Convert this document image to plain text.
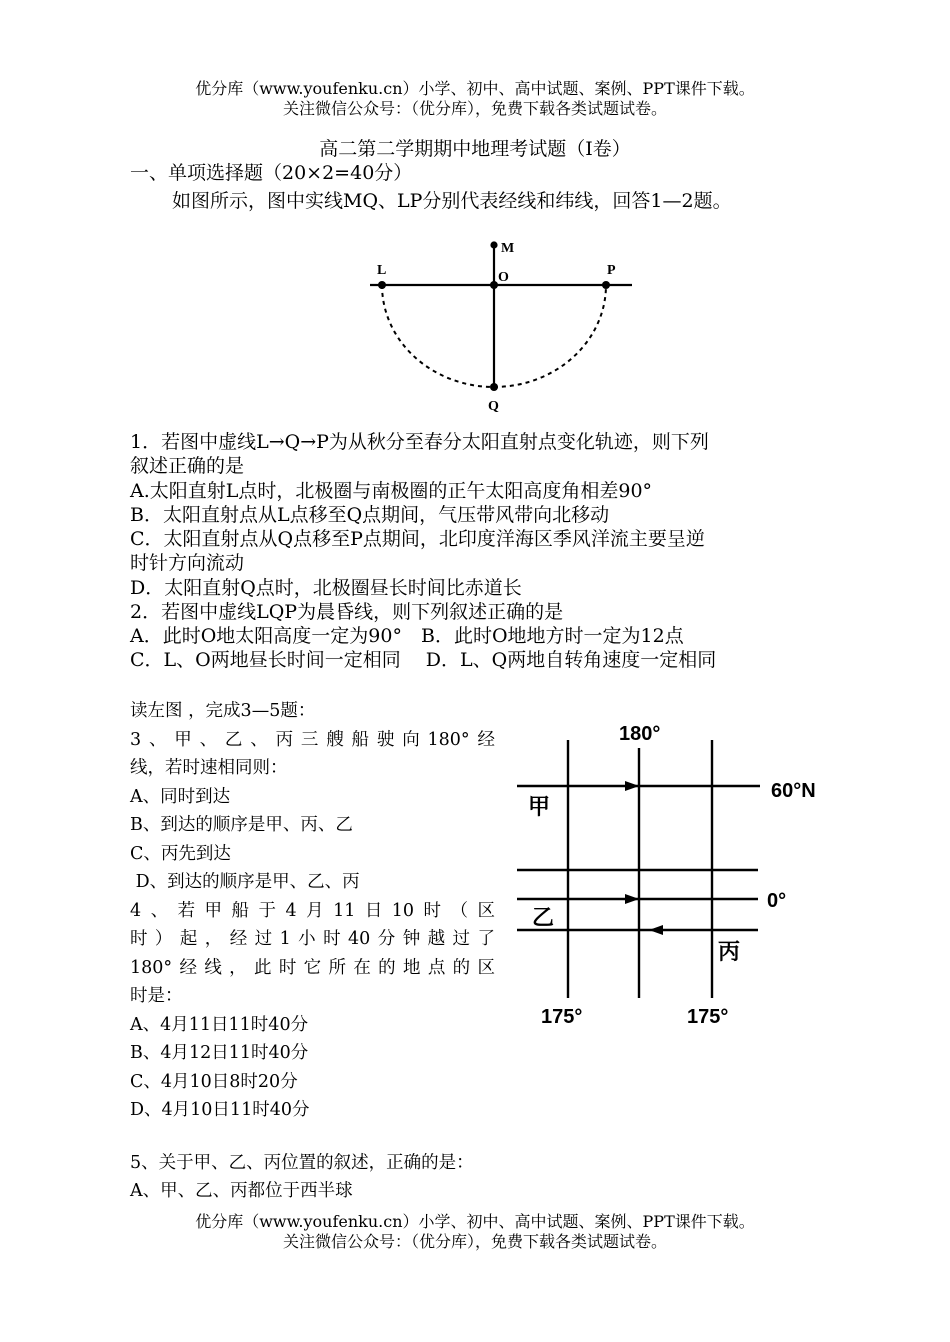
优分库（www.youfenku.cn）小学、初中、高中试题、案例、PPT课件下载。
关注微信公众号：（优分库），免费下载各类试题试卷。
高二第二学期期中地理考试题（Ⅰ卷）
一、单项选择题（20×2=40分）
如图所示，图中实线MQ、LP分别代表经线和纬线，回答1—2题。
M
L	O	P
Q
1．若图中虚线L→Q→P为从秋分至春分太阳直射点变化轨迹，则下列
叙述正确的是
A.太阳直射L点时，北极圈与南极圈的正午太阳高度角相差90°
B．太阳直射点从L点移至Q点期间，气压带风带向北移动
C．太阳直射点从Q点移至P点期间，北印度洋海区季风洋流主要呈逆
时针方向流动
D．太阳直射Q点时，北极圈昼长时间比赤道长
2．若图中虚线LQP为晨昏线，则下列叙述正确的是
A．此时O地太阳高度一定为90°　B．此时O地地方时一定为12点
C．L、O两地昼长时间一定相同　 D．L、Q两地自转角速度一定相同
读左图 ，完成3—5题：
3、甲、乙、丙三艘船驶向180°经
线，若时速相同则：
A、同时到达
B、到达的顺序是甲、丙、乙
C、丙先到达
D、到达的顺序是甲、乙、丙
4、若甲船于4月11日10时（区
时）起，经过1小时40分钟越过了
180°经线，此时它所在的地点的区
时是：
A、4月11日11时40分
B、4月12日11时40分
C、4月10日8时20分
D、4月10日11时40分
180°
60°N
0°
175°	175°
甲
乙
丙
5、关于甲、乙、丙位置的叙述，正确的是：
A、甲、乙、丙都位于西半球
优分库（www.youfenku.cn）小学、初中、高中试题、案例、PPT课件下载。
关注微信公众号：（优分库），免费下载各类试题试卷。
